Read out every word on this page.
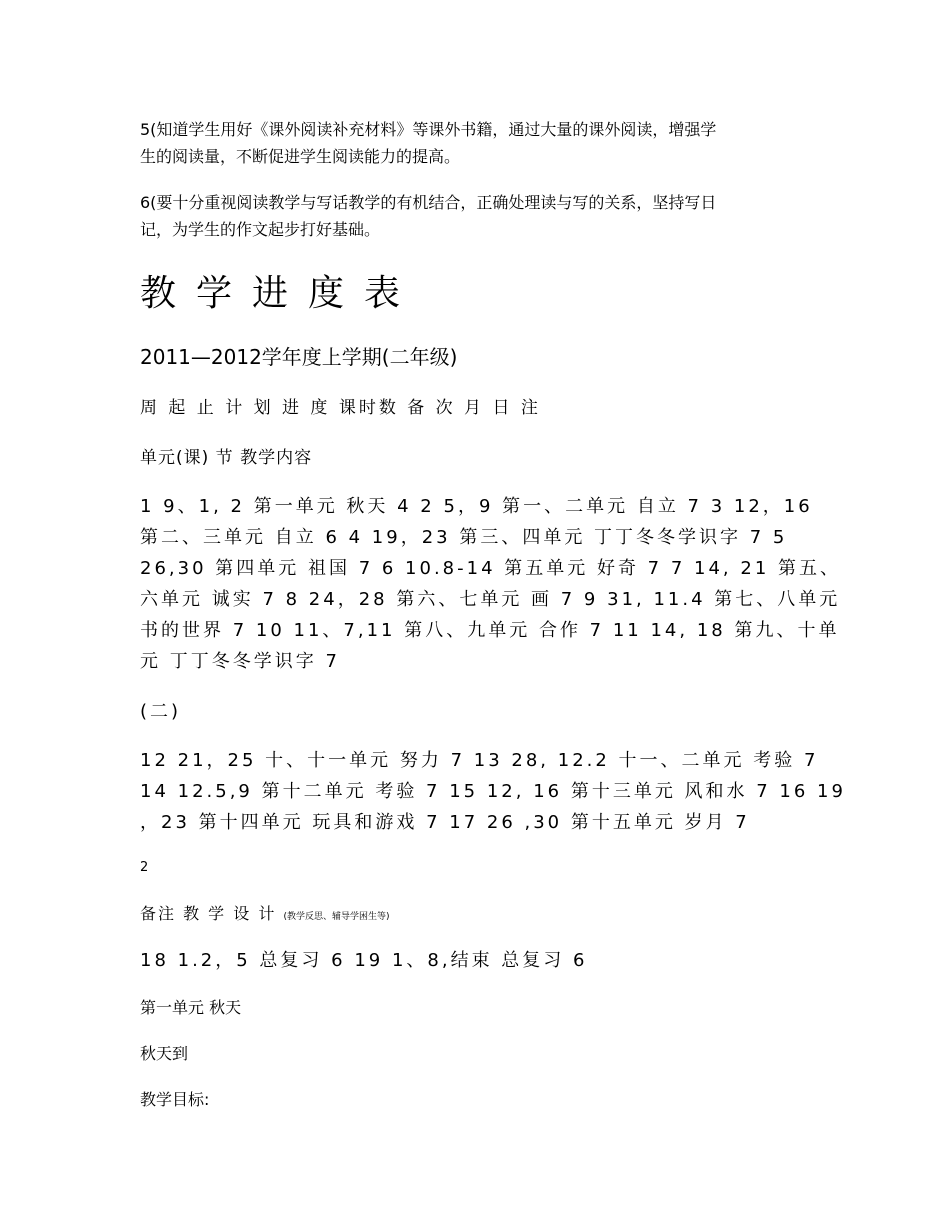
5(知道学生用好《课外阅读补充材料》等课外书籍，通过大量的课外阅读，增强学

生的阅读量，不断促进学生阅读能力的提高。

6(要十分重视阅读教学与写话教学的有机结合，正确处理读与写的关系，坚持写日

记，为学生的作文起步打好基础。

教学进度表
2011—2012学年度上学期(二年级)

周 起 止 计 划 进 度 课时数 备 次 月 日 注

单元(课) 节 教学内容

1 9、1, 2 第一单元 秋天 4 2 5，9 第一、二单元 自立 7 3 12，16

第二、三单元 自立 6 4 19，23 第三、四单元 丁丁冬冬学识字 7 5

26,30 第四单元 祖国 7 6 10.8-14 第五单元 好奇 7 7 14, 21 第五、

六单元 诚实 7 8 24，28 第六、七单元 画 7 9 31, 11.4 第七、八单元

书的世界 7 10 11、7,11 第八、九单元 合作 7 11 14, 18 第九、十单

元 丁丁冬冬学识字 7

(二)

12 21，25 十、十一单元 努力 7 13 28, 12.2 十一、二单元 考验 7

14 12.5,9 第十二单元 考验 7 15 12, 16 第十三单元 风和水 7 16 19

，23 第十四单元 玩具和游戏 7 17 26 ,30 第十五单元 岁月 7

2

备注 教 学 设 计 (教学反思、辅导学困生等)

18 1.2，5 总复习 6 19 1、8,结束 总复习 6

第一单元 秋天

秋天到

教学目标:
